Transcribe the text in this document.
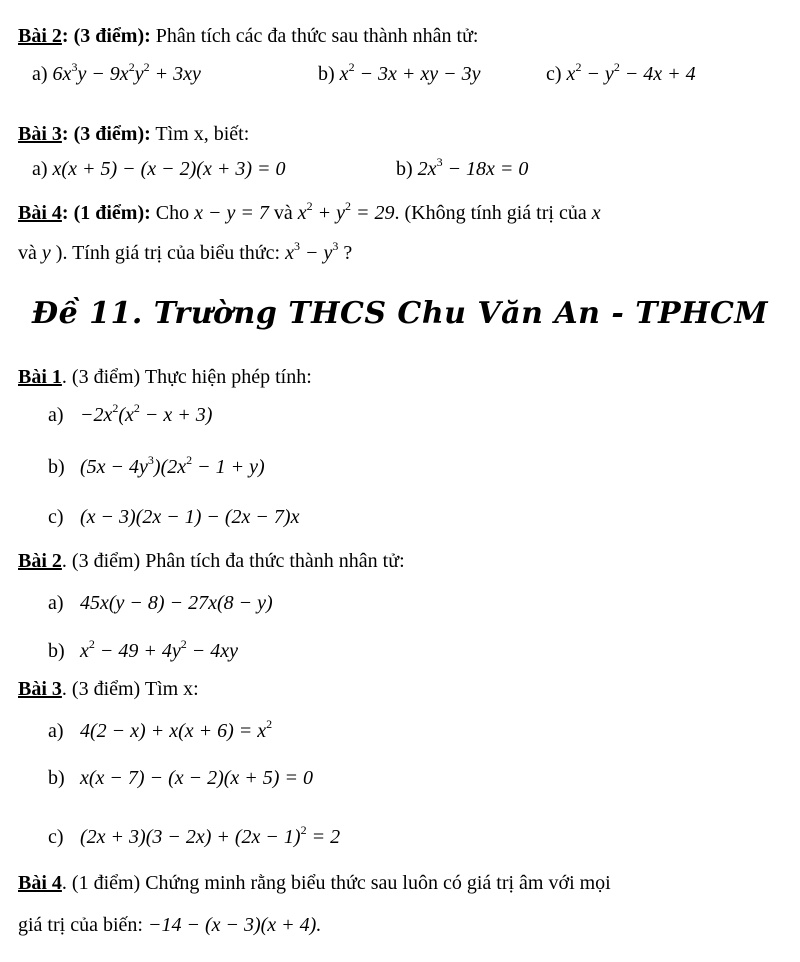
Bài 2: (3 điểm): Phân tích các đa thức sau thành nhân tử:
a) $6x^3y - 9x^2y^2 + 3xy$	b) $x^2 - 3x$ + xy − 3y	c) $x^2 - y^2 - 4x + 4$
Bài 3: (3 điểm): Tìm x, biết:
a) x(x + 5) − (x − 2)(x + 3) = 0	b) $2x^3 - 18x = 0$
Bài 4: (1 điểm): Cho x − y = 7 và $x^2 + y^2 = 29$. (Không tính giá trị của x
và y ). Tính giá trị của biểu thức: $x^3 - y^3$ ?
Đề 11. Trường THCS Chu Văn An - TPHCM
Bài 1. (3 điểm) Thực hiện phép tính:
$a) -2x^2(x^2 - x + 3)$
b) $(5x - 4y^3)(2x^2 - 1 + y)$
c) (x − 3)(2x − 1) − (2x − 7)x
Bài 2. (3 điểm) Phân tích đa thức thành nhân tử:
a) 45x(y − 8) − 27x(8 − y)
b) $x^2 - 49 + 4y^2 - 4xy$
Bài 3. (3 điểm) Tìm x:
a) $4(2 - x) + x(x + 6) = x^2$
b) x(x − 7) − (x − 2)(x + 5) = 0
c) $(2x + 3)(3 - 2x) + (2x - 1)^2 = 2$
Bài 4. (1 điểm) Chứng minh rằng biểu thức sau luôn có giá trị âm với mọi
giá trị của biến: −14 − (x − 3)(x + 4).
